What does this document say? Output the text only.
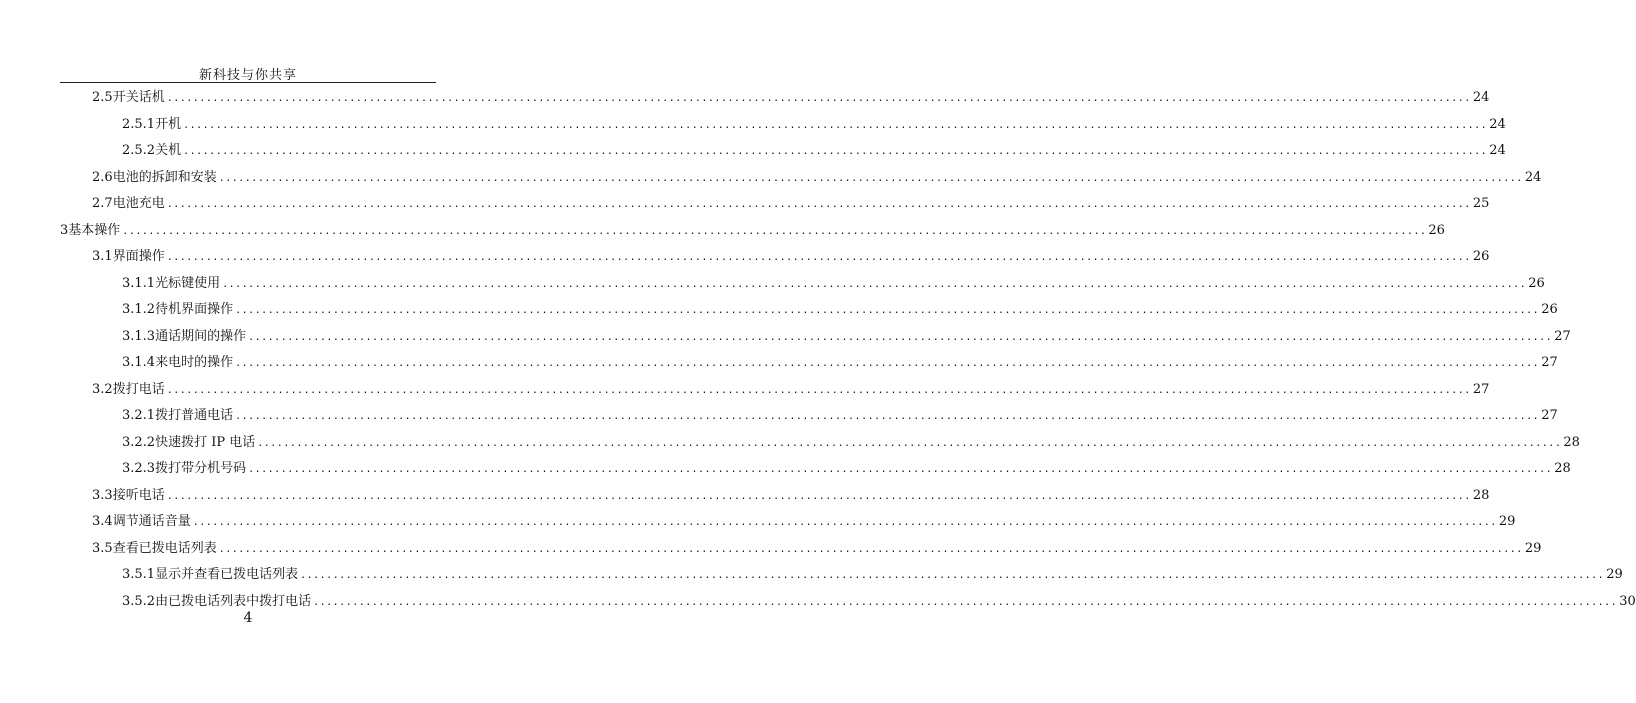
新科技与你共享
2.5 开关话机 ........................................................................................................................................................................................................ 24
2.5.1 开机 ........................................................................................................................................................................................................ 24
2.5.2 关机 ........................................................................................................................................................................................................ 24
2.6 电池的拆卸和安装 ........................................................................................................................................................................................................ 24
2.7 电池充电 ........................................................................................................................................................................................................ 25
3 基本操作 ........................................................................................................................................................................................................ 26
3.1 界面操作 ........................................................................................................................................................................................................ 26
3.1.1 光标键使用 ........................................................................................................................................................................................................ 26
3.1.2 待机界面操作 ........................................................................................................................................................................................................ 26
3.1.3 通话期间的操作 ........................................................................................................................................................................................................ 27
3.1.4 来电时的操作 ........................................................................................................................................................................................................ 27
3.2 拨打电话 ........................................................................................................................................................................................................ 27
3.2.1 拨打普通电话 ........................................................................................................................................................................................................ 27
3.2.2 快速拨打 IP 电话 ........................................................................................................................................................................................................ 28
3.2.3 拨打带分机号码 ........................................................................................................................................................................................................ 28
3.3 接听电话 ........................................................................................................................................................................................................ 28
3.4 调节通话音量 ........................................................................................................................................................................................................ 29
3.5 查看已拨电话列表 ........................................................................................................................................................................................................ 29
3.5.1 显示并查看已拨电话列表 ........................................................................................................................................................................................................ 29
3.5.2 由已拨电话列表中拨打电话 ........................................................................................................................................................................................................ 30
4
